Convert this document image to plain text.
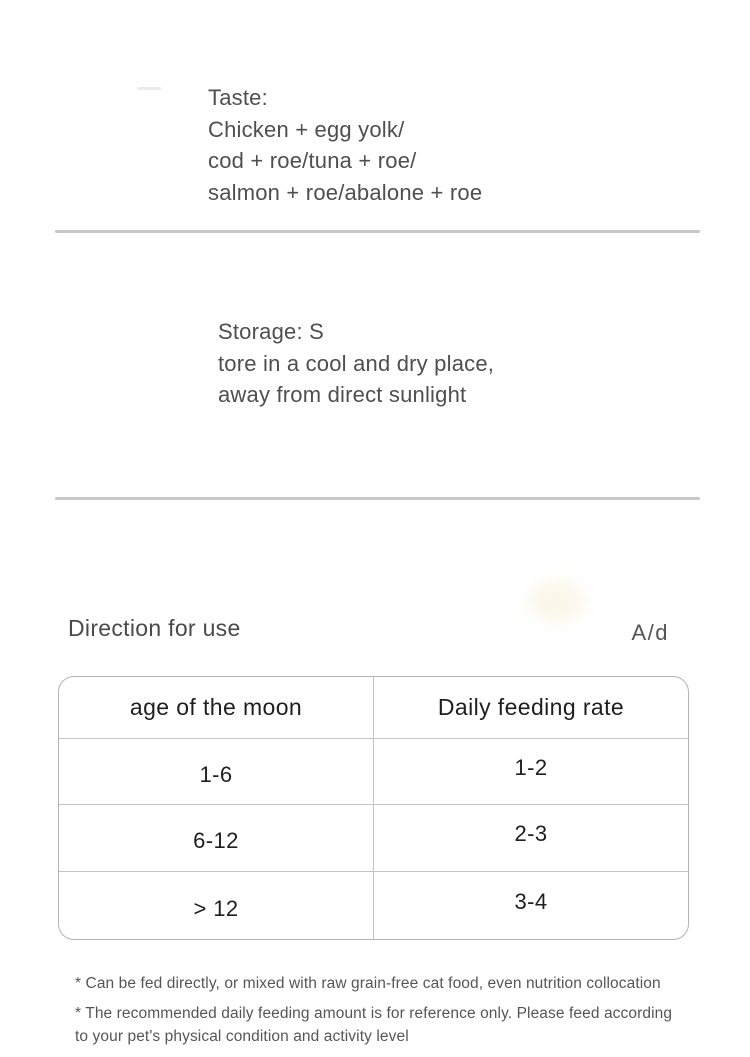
Taste:
Chicken + egg yolk/
cod + roe/tuna + roe/
salmon + roe/abalone + roe
Storage: S
tore in a cool and dry place,
away from direct sunlight
Direction for use	A/d
age of the moon	Daily feeding rate
1-6	1-2
6-12	2-3
> 12	3-4

* Can be fed directly, or mixed with raw grain-free cat food, even nutrition collocation

* The recommended daily feeding amount is for reference only. Please feed according
to your pet's physical condition and activity level
